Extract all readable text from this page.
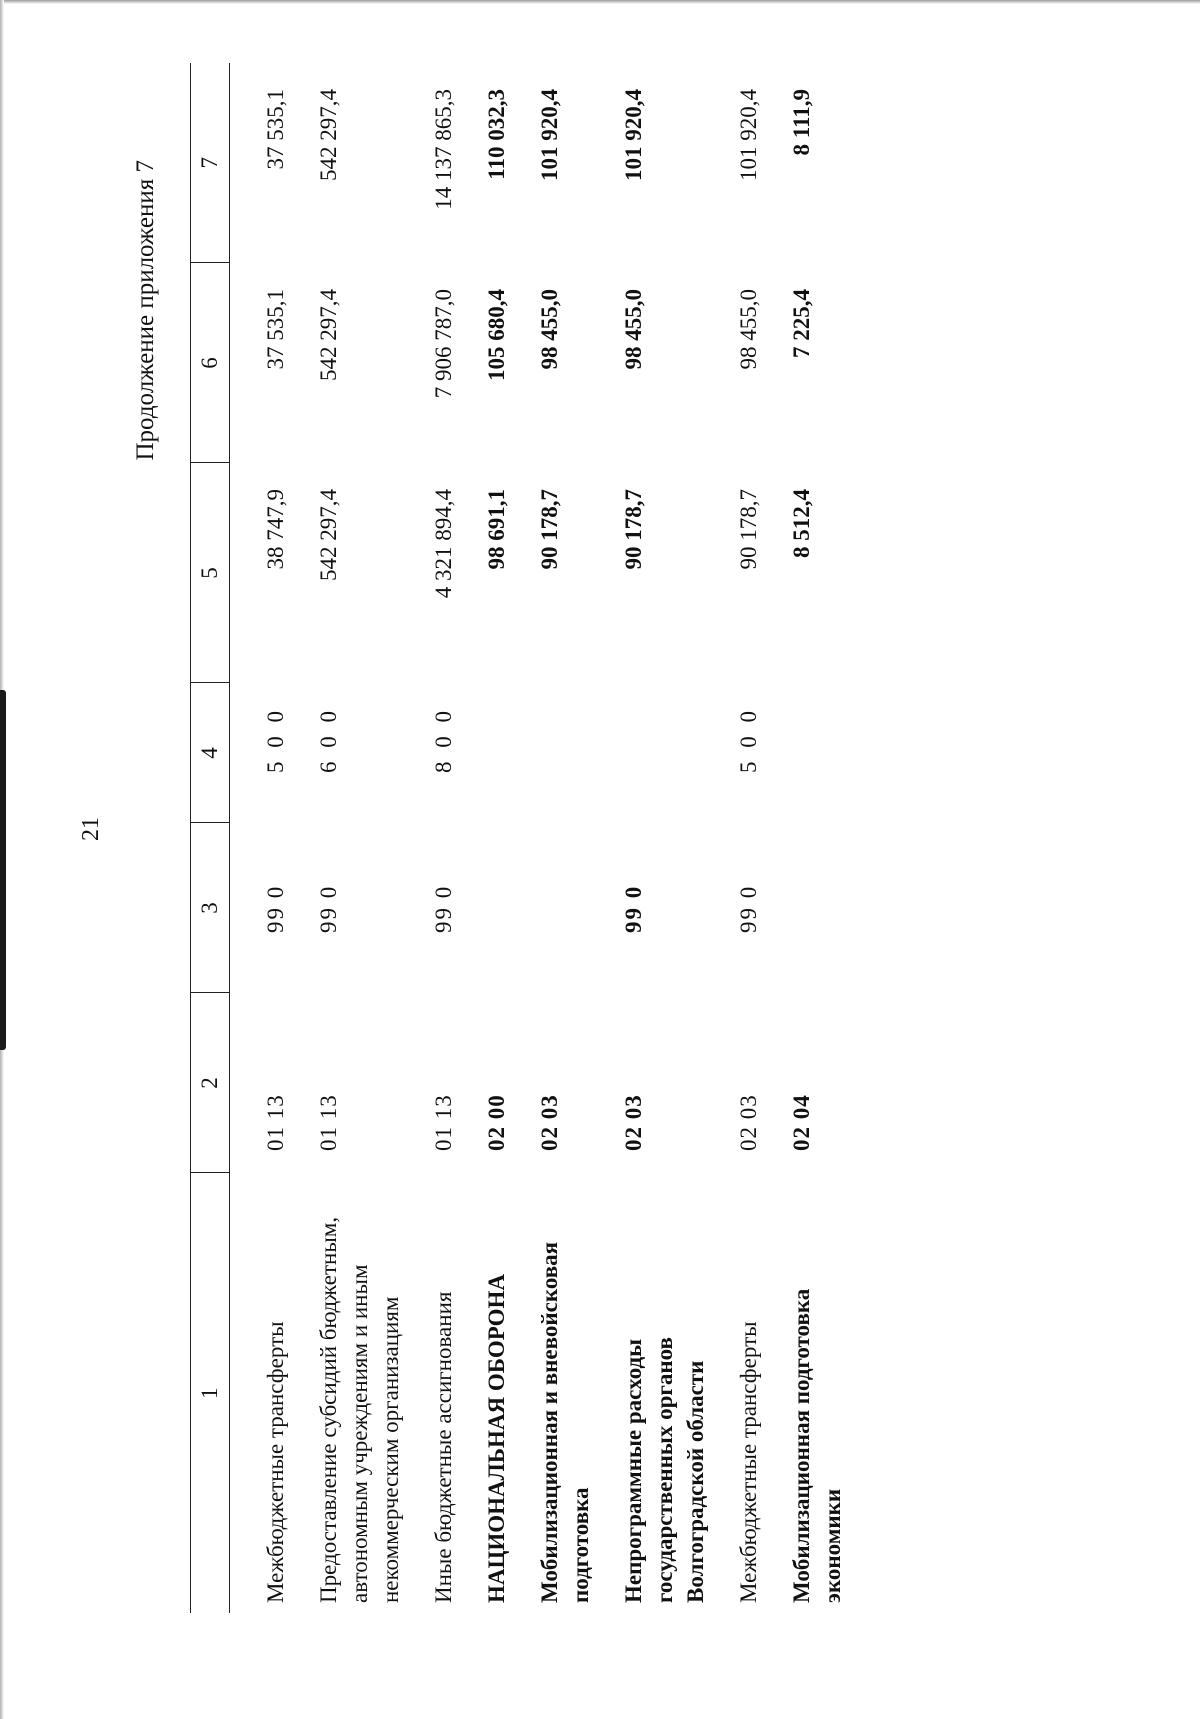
21
Продолжение приложения 7
1	2	3	4	5	6	7
Межбюджетные трансферты	01 13	99 0	5 0 0	38 747,9	37 535,1	37 535,1
Предоставление субсидий бюджетным, автономным учреждениям и иным некоммерческим организациям	01 13	99 0	6 0 0	542 297,4	542 297,4	542 297,4
Иные бюджетные ассигнования	01 13	99 0	8 0 0	4 321 894,4	7 906 787,0	14 137 865,3
НАЦИОНАЛЬНАЯ ОБОРОНА	02 00			98 691,1	105 680,4	110 032,3
Мобилизационная и вневойсковая подготовка	02 03			90 178,7	98 455,0	101 920,4
Непрограммные расходы государственных органов Волгоградской области	02 03	99 0		90 178,7	98 455,0	101 920,4
Межбюджетные трансферты	02 03	99 0	5 0 0	90 178,7	98 455,0	101 920,4
Мобилизационная подготовка экономики	02 04			8 512,4	7 225,4	8 111,9
